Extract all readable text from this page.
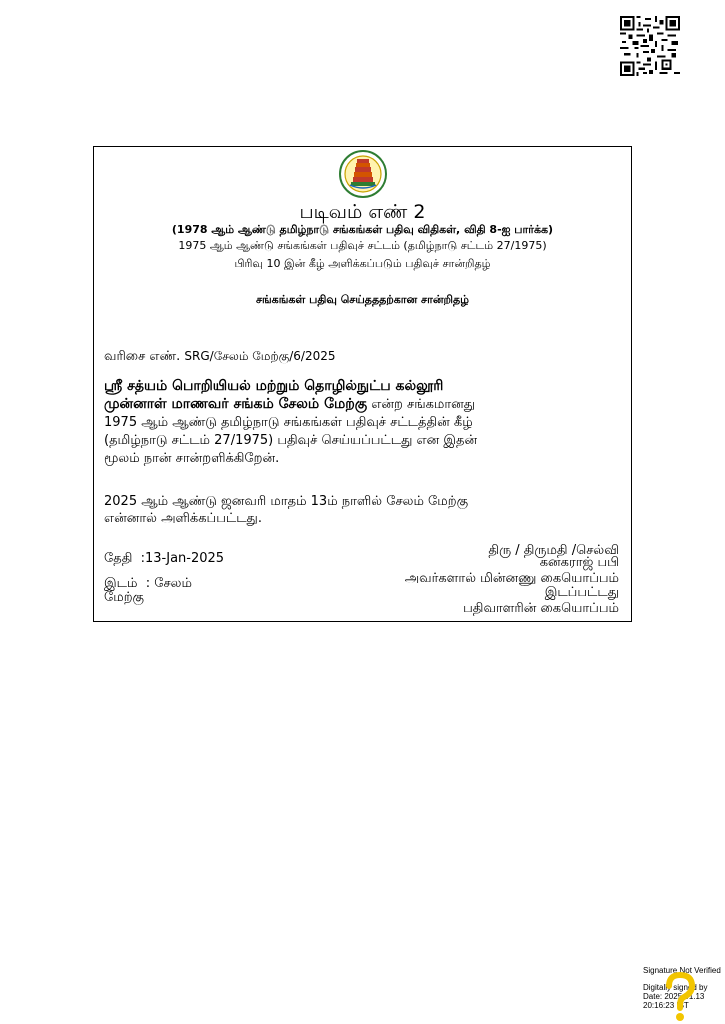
படிவம் எண் 2
(1978 ஆம் ஆண்டு தமிழ்நாடு சங்கங்கள் பதிவு விதிகள், விதி 8-ஐ பார்க்க)
1975 ஆம் ஆண்டு சங்கங்கள் பதிவுச் சட்டம் (தமிழ்நாடு சட்டம் 27/1975)
பிரிவு 10 இன் கீழ் அளிக்கப்படும் பதிவுச் சான்றிதழ்
சங்கங்கள் பதிவு செய்தததற்கான சான்றிதழ்
வரிசை எண். SRG/சேலம் மேற்கு/6/2025
ஸ்ரீ சத்யம் பொறியியல் மற்றும் தொழில்நுட்ப கல்லூரி
முன்னாள் மாணவர் சங்கம் சேலம் மேற்கு என்ற சங்கமானது
1975 ஆம் ஆண்டு தமிழ்நாடு சங்கங்கள் பதிவுச் சட்டத்தின் கீழ்
(தமிழ்நாடு சட்டம் 27/1975) பதிவுச் செய்யப்பட்டது என இதன்
மூலம் நான் சான்றளிக்கிறேன்.
2025 ஆம் ஆண்டு ஜனவரி மாதம் 13ம் நாளில் சேலம் மேற்கு
என்னால் அளிக்கப்பட்டது.
தேதி :13-Jan-2025
இடம் : சேலம்
மேற்கு
திரு / திருமதி /செல்வி
கனகராஜ் பபி
அவர்களால் மின்னணு கையொப்பம்
இடப்பட்டது
பதிவாளரின் கையொப்பம்
Signature Not Verified
Digitally signed by
Date: 2025.01.13
20:16:23 IST
